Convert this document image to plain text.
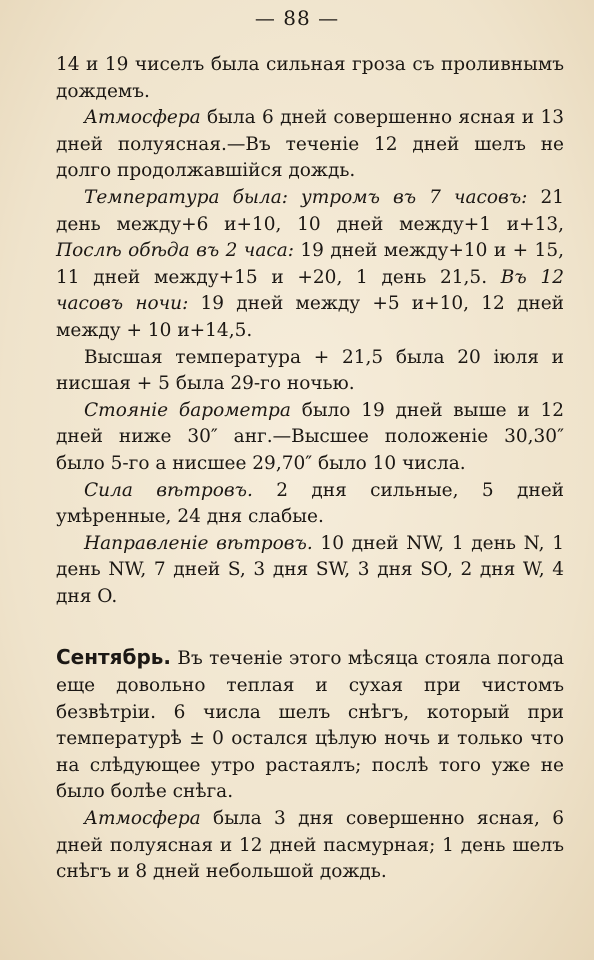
— 88 —

14 и 19 чиселъ была сильная гроза съ проливнымъ дождемъ.

Атмосфера была 6 дней совершенно ясная и 13 дней полуясная.—Въ теченіе 12 дней шелъ не долго продолжавшійся дождь.

Температура была: утромъ въ 7 часовъ: 21 день между+6 и+10, 10 дней между+1 и+13, Послѣ обѣда въ 2 часа: 19 дней между+10 и + 15, 11 дней между+15 и +20, 1 день 21,5. Въ 12 часовъ ночи: 19 дней между +5 и+10, 12 дней между + 10 и+14,5.

Высшая температура + 21,5 была 20 іюля и нисшая + 5 была 29-го ночью.

Стояніе барометра было 19 дней выше и 12 дней ниже 30″ анг.—Высшее положеніе 30,30″ было 5-го а нисшее 29,70″ было 10 числа.

Сила вѣтровъ. 2 дня сильные, 5 дней умѣренные, 24 дня слабые.

Направленіе вѣтровъ. 10 дней NW, 1 день N, 1 день NW, 7 дней S, 3 дня SW, 3 дня SO, 2 дня W, 4 дня O.

Сентябрь. Въ теченіе этого мѣсяца стояла погода еще довольно теплая и сухая при чистомъ безвѣтріи. 6 числа шелъ снѣгъ, который при температурѣ ± 0 остался цѣлую ночь и только что на слѣдующее утро растаялъ; послѣ того уже не было болѣе снѣга.

Атмосфера была 3 дня совершенно ясная, 6 дней полуясная и 12 дней пасмурная; 1 день шелъ снѣгъ и 8 дней небольшой дождь.
